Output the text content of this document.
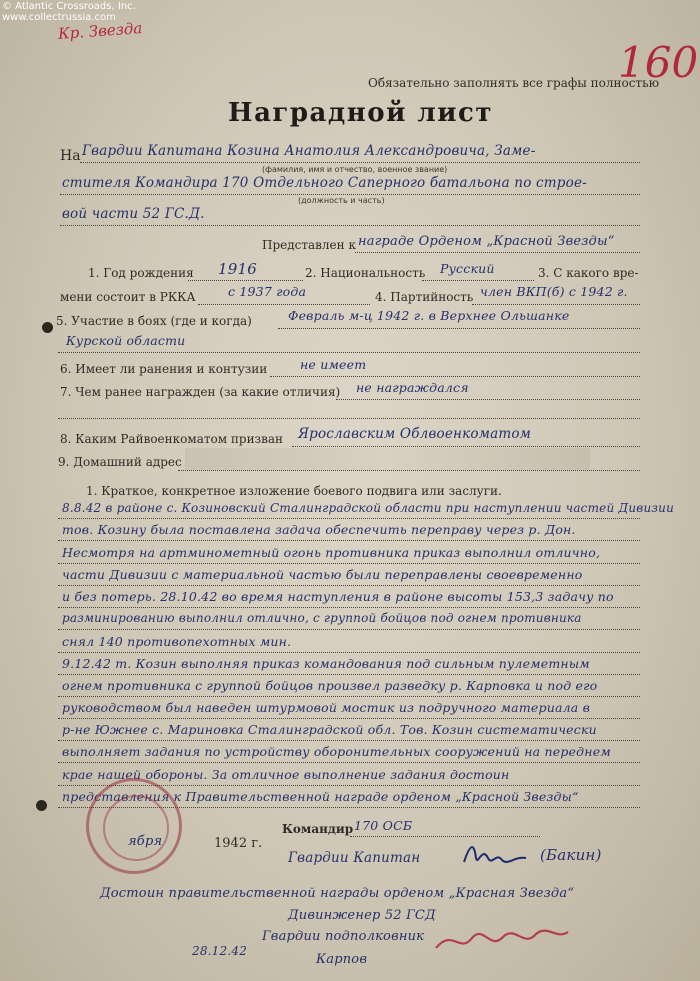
© Atlantic Crossroads, Inc.
www.collectrussia.com
Кр. Звезда
160
Обязательно заполнять все графы полностью
Наградной лист
На Гвардии Капитана Козина Анатолия Александровича, Заме-
(фамилия, имя и отчество, военное звание)
стителя Командира 170 Отдельного Саперного батальона по строе-
(должность и часть)
вой части 52 ГС.Д.
Представлен к награде Орденом „Красной Звезды“
1. Год рождения 1916	2. Национальность Русский	3. С какого вре-
мени состоит в РККА	с 1937 года	4. Партийность член ВКП(б) с 1942 г.
5. Участие в боях (где и когда)	Февраль м-ц 1942 г. в Верхнее Ольшанке
Курской области
6. Имеет ли ранения и контузии	не имеет
7. Чем ранее награжден (за какие отличия) не награждался
8. Каким Райвоенкоматом призван Ярославским Облвоенкоматом
9. Домашний адрес
1. Краткое, конкретное изложение боевого подвига или заслуги.
8.8.42 в районе с. Козиновский Сталинградской области при наступлении частей Дивизии
тов. Козину была поставлена задача обеспечить переправу через р. Дон.
Несмотря на артминометный огонь противника приказ выполнил отлично,
части Дивизии с материальной частью были переправлены своевременно
и без потерь. 28.10.42 во время наступления в районе высоты 153,3 задачу по
разминированию выполнил отлично, с группой бойцов под огнем противника
снял 140 противопехотных мин.
9.12.42 т. Козин выполняя приказ командования под сильным пулеметным
огнем противника с группой бойцов произвел разведку р. Карповка и под его
руководством был наведен штурмовой мостик из подручного материала в
р-не Южнее с. Мариновка Сталинградской обл. Тов. Козин систематически
выполняет задания по устройству оборонительных сооружений на переднем
крае нашей обороны. За отличное выполнение задания достоин
представления к Правительственной награде орденом „Красной Звезды“
ября	1942 г.
Командир 170 ОСБ
Гвардии Капитан	(Бакин)
Достоин правительственной награды орденом „Красная Звезда“
Дивинженер 52 ГСД
Гвардии подполковник
Карпов
28.12.42
